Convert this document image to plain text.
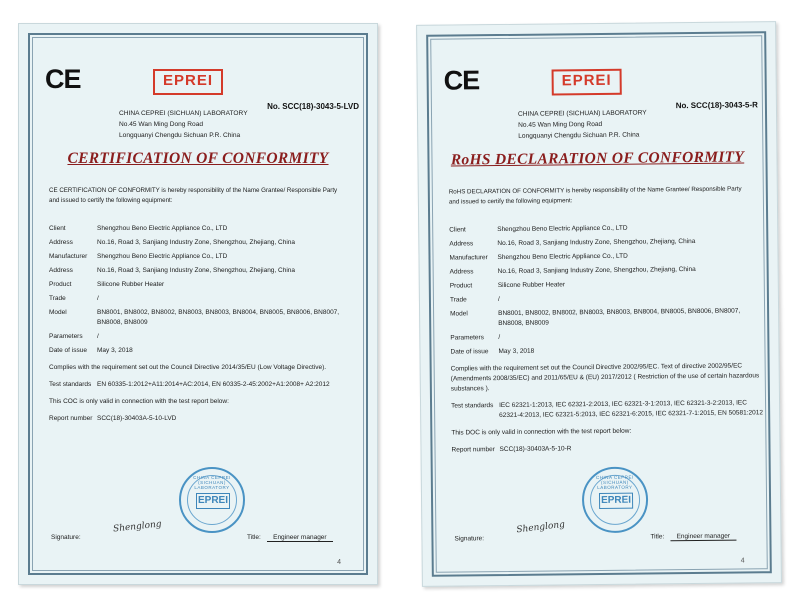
CE	EPREI
CHINA CEPREI (SICHUAN) LABORATORY
No.45 Wan Ming Dong Road
Longquanyi Chengdu Sichuan P.R. China
No. SCC(18)-3043-5-LVD
CERTIFICATION OF CONFORMITY
CE CERTIFICATION OF CONFORMITY is hereby responsibility of the Name Grantee/ Responsible Party and issued to certify the following equipment:
Client	Shengzhou Beno Electric Appliance Co., LTD
Address	No.16, Road 3, Sanjiang Industry Zone, Shengzhou, Zhejiang, China
Manufacturer	Shengzhou Beno Electric Appliance Co., LTD
Address	No.16, Road 3, Sanjiang Industry Zone, Shengzhou, Zhejiang, China
Product	Silicone Rubber Heater
Trade	/
Model	BN8001, BN8002, BN8002, BN8003, BN8003, BN8004, BN8005, BN8006, BN8007, BN8008, BN8009
Parameters	/
Date of issue	May 3, 2018
Complies with the requirement set out the Council Directive 2014/35/EU (Low Voltage Directive).
Test standards EN 60335-1:2012+A11:2014+AC:2014, EN 60335-2-45:2002+A1:2008+ A2:2012
This COC is only valid in connection with the test report below:
Report number SCC(18)-30403A-5-10-LVD
CHINA CEPREI (SICHUAN) LABORATORY
EPREI
Signature:
Shenglong
Title: Engineer manager
4
CE	EPREI
CHINA CEPREI (SICHUAN) LABORATORY
No.45 Wan Ming Dong Road
Longquanyi Chengdu Sichuan P.R. China
No. SCC(18)-3043-5-R
RoHS DECLARATION OF CONFORMITY
RoHS DECLARATION OF CONFORMITY is hereby responsibility of the Name Grantee/ Responsible Party and issued to certify the following equipment:
Client	Shengzhou Beno Electric Appliance Co., LTD
Address	No.16, Road 3, Sanjiang Industry Zone, Shengzhou, Zhejiang, China
Manufacturer	Shengzhou Beno Electric Appliance Co., LTD
Address	No.16, Road 3, Sanjiang Industry Zone, Shengzhou, Zhejiang, China
Product	Silicone Rubber Heater
Trade	/
Model	BN8001, BN8002, BN8002, BN8003, BN8003, BN8004, BN8005, BN8006, BN8007, BN8008, BN8009
Parameters	/
Date of issue	May 3, 2018
Complies with the requirement set out the Council Directive 2002/95/EC. Text of directive 2002/95/EC (Amendments 2008/35/EC) and 2011/65/EU & (EU) 2017/2012 ( Restriction of the use of certain hazardous substances ).
Test standards IEC 62321-1:2013, IEC 62321-2:2013, IEC 62321-3-1:2013, IEC 62321-3-2:2013, IEC 62321-4:2013, IEC 62321-5:2013, IEC 62321-6:2015, IEC 62321-7-1:2015, EN 50581:2012
This DOC is only valid in connection with the test report below:
Report number SCC(18)-30403A-5-10-R
CHINA CEPREI (SICHUAN) LABORATORY
EPREI
Signature:
Shenglong
Title: Engineer manager
4
